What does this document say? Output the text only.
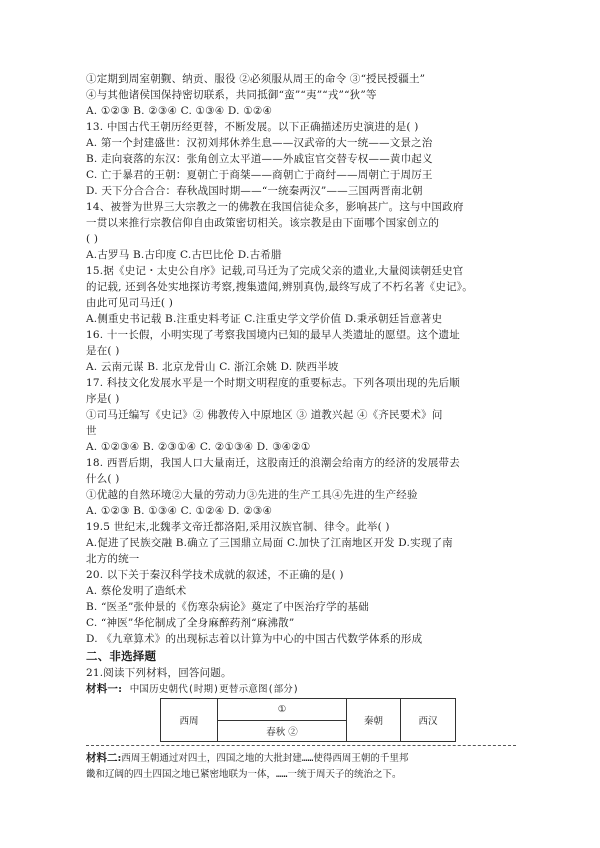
①定期到周室朝觐、纳贡、服役 ②必须服从周王的命令 ③“授民授疆土”
④与其他诸侯国保持密切联系，共同抵御“蛮”“夷”“戎”“狄”等
A. ①②③ B. ②③④ C. ①③④ D. ①②④
13. 中国古代王朝历经更替，不断发展。以下正确描述历史演进的是( )
A. 第一个封建盛世：汉初刘邦休养生息——汉武帝的大一统——文景之治
B. 走向衰落的东汉：张角创立太平道——外戚宦官交替专权——黄巾起义
C. 亡于暴君的王朝：夏朝亡于商桀——商朝亡于商纣——周朝亡于周厉王
D. 天下分合合合：春秋战国时期——“一统秦两汉”——三国两晋南北朝
14、被誉为世界三大宗教之一的佛教在我国信徒众多，影响甚广。这与中国政府
一贯以来推行宗教信仰自由政策密切相关。该宗教是由下面哪个国家创立的
( )
A.古罗马 B.古印度 C.古巴比伦 D.古希腊
15.据《史记・太史公自序》记载,司马迁为了完成父亲的遗业,大量阅读朝廷史官
的记载, 还到各处实地探访考察,搜集遗闻,辨别真伪,最终写成了不朽名著《史记》。
由此可见司马迁( )
A.侧重史书记载 B.注重史料考证 C.注重史学文学价值 D.秉承朝廷旨意著史
16. 十一长假，小明实现了考察我国境内已知的最早人类遗址的愿望。这个遗址
是在( )
A. 云南元谋 B. 北京龙骨山 C. 浙江余姚 D. 陕西半坡
17. 科技文化发展水平是一个时期文明程度的重要标志。下列各项出现的先后顺
序是( )
①司马迁编写《史记》② 佛教传入中原地区 ③ 道教兴起 ④《齐民要术》问
世
A. ①②③④ B. ②③①④ C. ②①③④ D. ③④②①
18. 西晋后期，我国人口大量南迁，这股南迁的浪潮会给南方的经济的发展带去
什么( )
①优越的自然环境②大量的劳动力③先进的生产工具④先进的生产经验
A. ①②③ B. ①③④ C. ①②④ D. ②③④
19.5 世纪末,北魏孝文帝迁都洛阳,采用汉族官制、律令。此举( )
A.促进了民族交融 B.确立了三国鼎立局面 C.加快了江南地区开发 D.实现了南
北方的统一
20. 以下关于秦汉科学技术成就的叙述，不正确的是( )
A. 蔡伦发明了造纸术
B. “医圣”张仲景的《伤寒杂病论》奠定了中医治疗学的基础
C. “神医”华佗制成了全身麻醉药剂“麻沸散”
D. 《九章算术》的出现标志着以计算为中心的中国古代数学体系的形成
二、非选择题
21.阅读下列材料，回答问题。
材料一: 中国历史朝代(时期)更替示意图(部分)
西周
①
春秋 ②
秦朝	西汉
材料二:西周王朝通过对四土，四国之地的大批封建……使得西周王朝的千里邦
畿和辽阔的四土四国之地已紧密地联为一体，……一统于周天子的统治之下。
